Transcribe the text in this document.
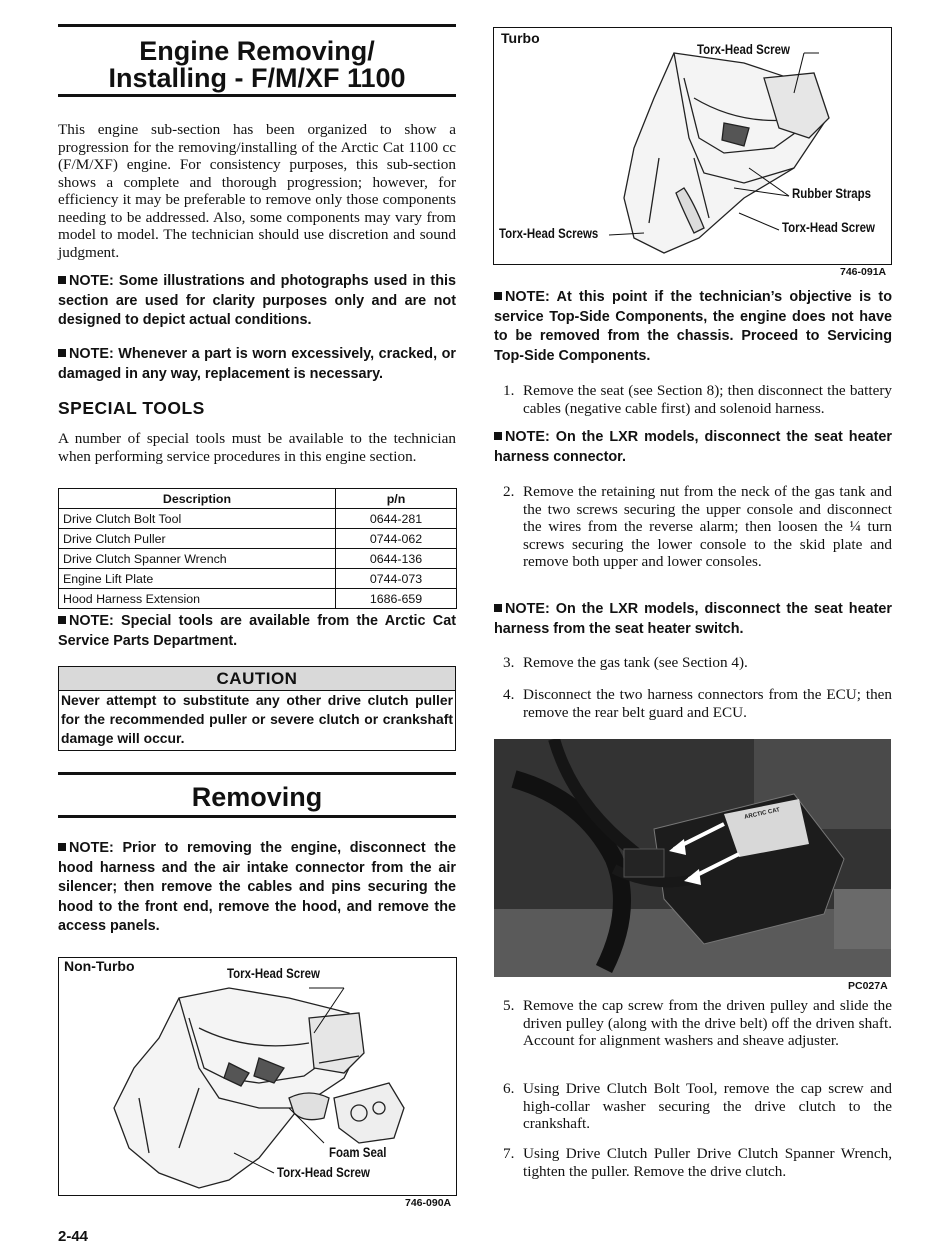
Engine Removing/
Installing - F/M/XF 1100
This engine sub-section has been organized to show a progression for the removing/installing of the Arctic Cat 1100 cc (F/M/XF) engine. For consistency purposes, this sub-section shows a complete and thorough progression; however, for efficiency it may be preferable to remove only those components needing to be addressed. Also, some components may vary from model to model. The technician should use discretion and sound judgment.
NOTE: Some illustrations and photographs used in this section are used for clarity purposes only and are not designed to depict actual conditions.
NOTE: Whenever a part is worn excessively, cracked, or damaged in any way, replacement is necessary.
SPECIAL TOOLS
A number of special tools must be available to the technician when performing service procedures in this engine section.
Description	p/n
Drive Clutch Bolt Tool	0644-281
Drive Clutch Puller	0744-062
Drive Clutch Spanner Wrench	0644-136
Engine Lift Plate	0744-073
Hood Harness Extension	1686-659
NOTE: Special tools are available from the Arctic Cat Service Parts Department.
CAUTION
Never attempt to substitute any other drive clutch puller for the recommended puller or severe clutch or crankshaft damage will occur.
Removing
NOTE: Prior to removing the engine, disconnect the hood harness and the air intake connector from the air silencer; then remove the cables and pins securing the hood to the front end, remove the hood, and remove the access panels.
Non-Turbo	Torx-Head Screw
Foam Seal
Torx-Head Screw
746-090A
2-44
Turbo
Torx-Head Screw
Rubber Straps
Torx-Head Screw
Torx-Head Screws
746-091A
NOTE: At this point if the technician’s objective is to service Top-Side Components, the engine does not have to be removed from the chassis. Proceed to Servicing Top-Side Components.
1. Remove the seat (see Section 8); then disconnect the battery cables (negative cable first) and solenoid harness.
NOTE: On the LXR models, disconnect the seat heater harness connector.
2. Remove the retaining nut from the neck of the gas tank and the two screws securing the upper console and disconnect the wires from the reverse alarm; then loosen the ¼ turn screws securing the lower console to the skid plate and remove both upper and lower consoles.
NOTE: On the LXR models, disconnect the seat heater harness from the seat heater switch.
3. Remove the gas tank (see Section 4).
4. Disconnect the two harness connectors from the ECU; then remove the rear belt guard and ECU.
ARCTIC CAT
PC027A
5. Remove the cap screw from the driven pulley and slide the driven pulley (along with the drive belt) off the driven shaft. Account for alignment washers and sheave adjuster.
6. Using Drive Clutch Bolt Tool, remove the cap screw and high-collar washer securing the drive clutch to the crankshaft.
7. Using Drive Clutch Puller Drive Clutch Spanner Wrench, tighten the puller. Remove the drive clutch.
